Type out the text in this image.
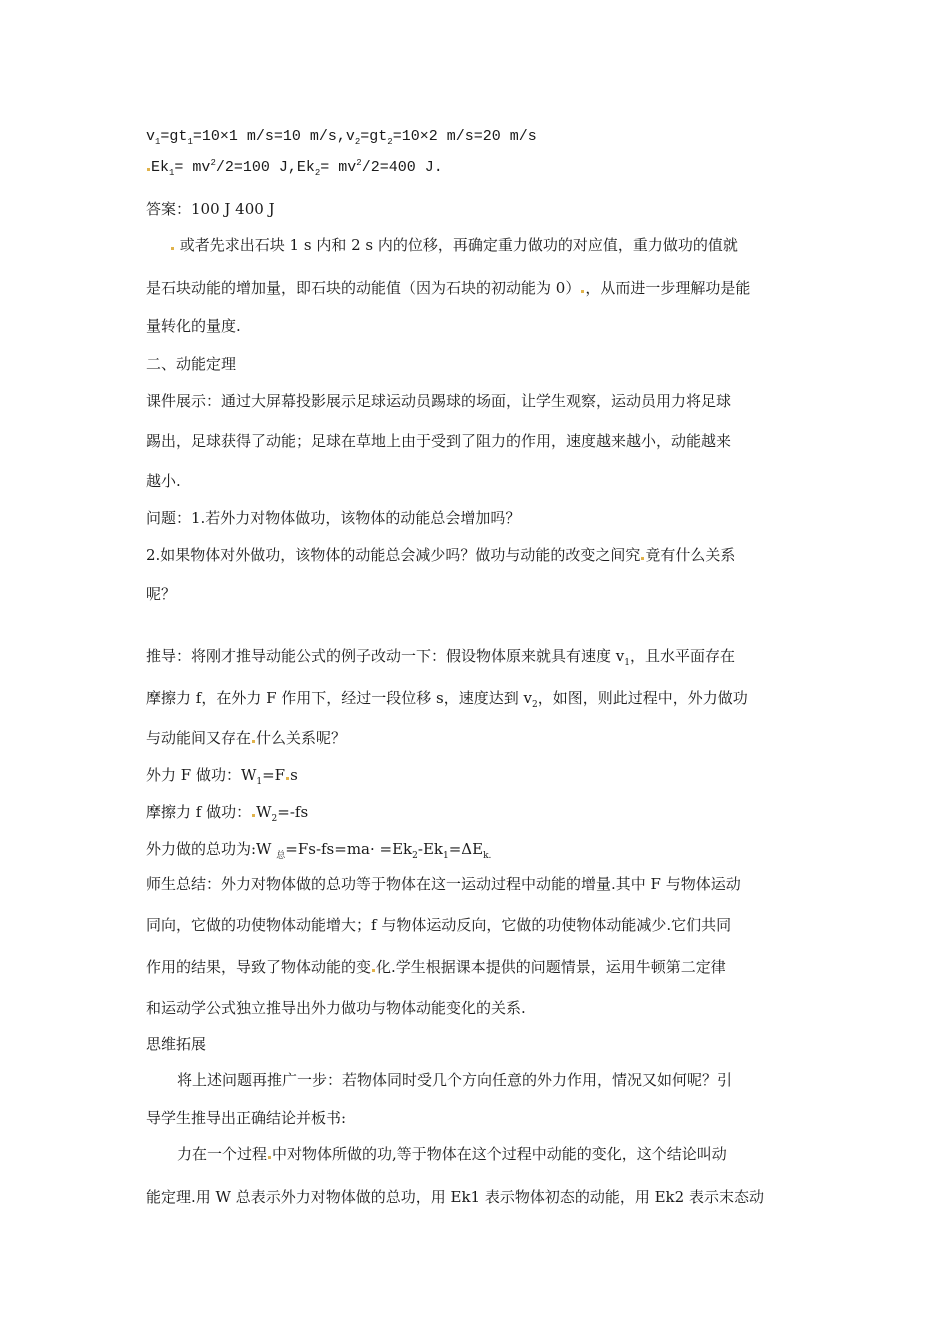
$v_1=gt_1=10\times 1$ m/s=10 $m/s,v_2=gt_2=10\times 2$ m/s=20 m/s
$Ek_1= mv^2/2=100$ $J,Ek_2= mv^2/2=400$ J.
答案：100 J 400 J
或者先求出石块 1 s 内和 2 s 内的位移，再确定重力做功的对应值，重力做功的值就
是石块动能的增加量，即石块的动能值（因为石块的初动能为 0） ，从而进一步理解功是能
量转化的量度.
二、动能定理
课件展示：通过大屏幕投影展示足球运动员踢球的场面，让学生观察，运动员用力将足球
踢出，足球获得了动能；足球在草地上由于受到了阻力的作用，速度越来越小，动能越来
越小.
问题：1.若外力对物体做功，该物体的动能总会增加吗？
2.如果物体对外做功，该物体的动能总会减少吗？做功与动能的改变之间究 竟有什么关系
呢？
推导：将刚才推导动能公式的例子改动一下：假设物体原来就具有速度 $v_1$，且水平面存在
摩擦力 f，在外力 F 作用下，经过一段位移 s，速度达到 $v_2$，如图，则此过程中，外力做功
与动能间又存在 什么关系呢？
外力 F 做功：$W_1=F$ s
摩擦力 f 做功： $W_2=-fs$
外力做的总功为:W $_总=Fs-fs=ma\cdot =Ek_2-Ek_1=\Delta E_{k.}$
师生总结：外力对物体做的总功等于物体在这一运动过程中动能的增量.其中 F 与物体运动
同向，它做的功使物体动能增大；f 与物体运动反向，它做的功使物体动能减少.它们共同
作用的结果，导致了物体动能的变 化.学生根据课本提供的问题情景，运用牛顿第二定律
和运动学公式独立推导出外力做功与物体动能变化的关系.
思维拓展
将上述问题再推广一步：若物体同时受几个方向任意的外力作用，情况又如何呢？引
导学生推导出正确结论并板书:
力在一个过程 中对物体所做的功,等于物体在这个过程中动能的变化，这个结论叫动
能定理.用 W 总表示外力对物体做的总功，用 Ek1 表示物体初态的动能，用 Ek2 表示末态动
